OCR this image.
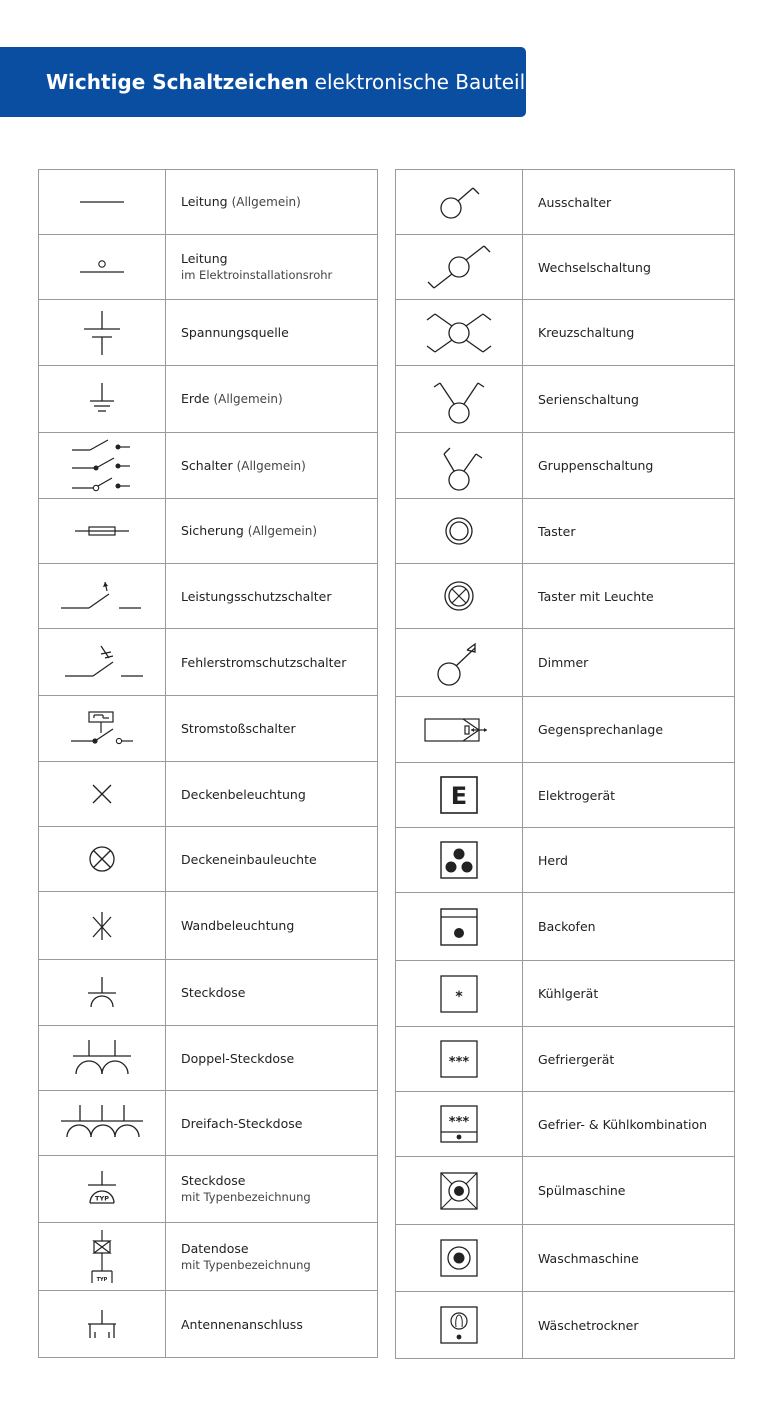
Wichtige Schaltzeichen elektronische Bauteile
Leitung (Allgemein)
Leitung
im Elektroinstallationsrohr
Spannungsquelle
Erde (Allgemein)
Schalter (Allgemein)
Sicherung (Allgemein)
Leistungsschutzschalter
Fehlerstromschutzschalter
Stromstoßschalter
Deckenbeleuchtung
Deckeneinbauleuchte
Wandbeleuchtung
Steckdose
Doppel-Steckdose
Dreifach-Steckdose
TYP
Steckdose
mit Typenbezeichnung
TYP
Datendose
mit Typenbezeichnung
Antennenanschluss
Ausschalter
Wechselschaltung
Kreuzschaltung
Serienschaltung
Gruppenschaltung
Taster
Taster mit Leuchte
Dimmer
Gegensprechanlage
E	Elektrogerät
Herd
Backofen
*	Kühlgerät
***	Gefriergerät
***	Gefrier- & Kühlkombination
Spülmaschine
Waschmaschine
Wäschetrockner
